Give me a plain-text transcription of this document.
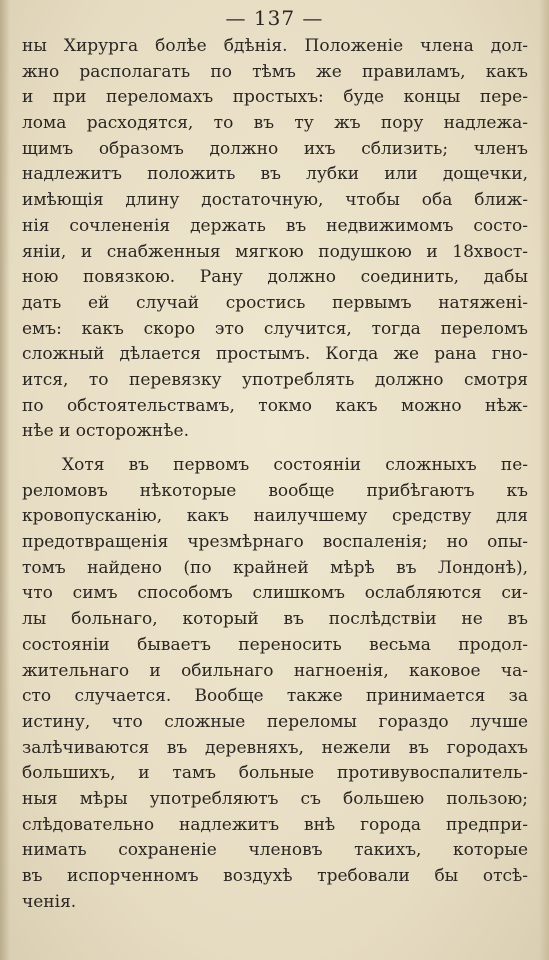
— 137 —
ны Хирурга болѣе бдѣнія. Положеніе члена дол-
жно располагать по тѣмъ же правиламъ, какъ
и при переломахъ простыхъ: буде концы пере-
лома расходятся, то въ ту жъ пору надлежа-
щимъ образомъ должно ихъ сблизить; членъ
надлежитъ положить въ лубки или дощечки,
имѣющія длину достаточную, чтобы оба ближ-
нія сочлененія держать въ недвижимомъ состо-
яніи, и снабженныя мягкою подушкою и 18хвост-
ною повязкою. Рану должно соединить, дабы
дать ей случай сростись первымъ натяжені-
емъ: какъ скоро это случится, тогда переломъ
сложный дѣлается простымъ. Когда же рана гно-
ится, то перевязку употреблять должно смотря
по обстоятельствамъ, токмо какъ можно нѣж-
нѣе и осторожнѣе.
Хотя въ первомъ состояніи сложныхъ пе-
реломовъ нѣкоторые вообще прибѣгаютъ къ
кровопусканію, какъ наилучшему средству для
предотвращенія чрезмѣрнаго воспаленія; но опы-
томъ найдено (по крайней мѣрѣ въ Лондонѣ),
что симъ способомъ слишкомъ ослабляются си-
лы больнаго, который въ послѣдствіи не въ
состояніи бываетъ переносить весьма продол-
жительнаго и обильнаго нагноенія, каковое ча-
сто случается. Вообще также принимается за
истину, что сложные переломы гораздо лучше
залѣчиваются въ деревняхъ, нежели въ городахъ
большихъ, и тамъ больные противувоспалитель-
ныя мѣры употребляютъ съ большею пользою;
слѣдовательно надлежитъ внѣ города предпри-
нимать сохраненіе членовъ такихъ, которые
въ испорченномъ воздухѣ требовали бы отсѣ-
ченія.
